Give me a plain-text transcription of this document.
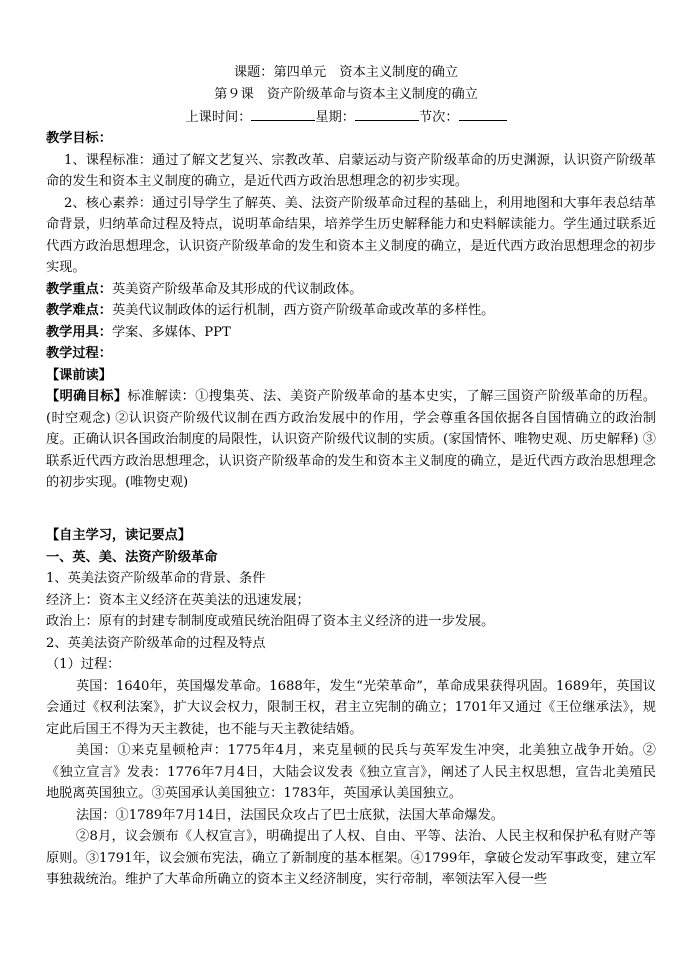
课题：第四单元　资本主义制度的确立
第９课　资产阶级革命与资本主义制度的确立
上课时间：	星期：	节次：

教学目标：

1、课程标准：通过了解文艺复兴、宗教改革、启蒙运动与资产阶级革命的历史渊源，认识资产阶级革命的发生和资本主义制度的确立，是近代西方政治思想理念的初步实现。

2、核心素养：通过引导学生了解英、美、法资产阶级革命过程的基础上，利用地图和大事年表总结革命背景，归纳革命过程及特点，说明革命结果，培养学生历史解释能力和史料解读能力。学生通过联系近代西方政治思想理念，认识资产阶级革命的发生和资本主义制度的确立，是近代西方政治思想理念的初步实现。

教学重点：英美资产阶级革命及其形成的代议制政体。

教学难点：英美代议制政体的运行机制，西方资产阶级革命或改革的多样性。

教学用具：学案、多媒体、PPT

教学过程：

【课前读】

【明确目标】标准解读：①搜集英、法、美资产阶级革命的基本史实，了解三国资产阶级革命的历程。(时空观念) ②认识资产阶级代议制在西方政治发展中的作用，学会尊重各国依据各自国情确立的政治制度。正确认识各国政治制度的局限性，认识资产阶级代议制的实质。(家国情怀、唯物史观、历史解释) ③联系近代西方政治思想理念，认识资产阶级革命的发生和资本主义制度的确立，是近代西方政治思想理念的初步实现。(唯物史观)

【自主学习，读记要点】

一、英、美、法资产阶级革命

1、英美法资产阶级革命的背景、条件

经济上：资本主义经济在英美法的迅速发展；

政治上：原有的封建专制制度或殖民统治阻碍了资本主义经济的进一步发展。

2、英美法资产阶级革命的过程及特点

（1）过程：

英国：1640年，英国爆发革命。1688年，发生“光荣革命”，革命成果获得巩固。1689年，英国议会通过《权利法案》，扩大议会权力，限制王权，君主立宪制的确立；1701年又通过《王位继承法》，规定此后国王不得为天主教徒，也不能与天主教徒结婚。

美国：①来克星顿枪声：1775年4月，来克星顿的民兵与英军发生冲突，北美独立战争开始。②《独立宣言》发表：1776年7月4日，大陆会议发表《独立宣言》，阐述了人民主权思想，宣告北美殖民地脱离英国独立。③英国承认美国独立：1783年，英国承认美国独立。

法国：①1789年7月14日，法国民众攻占了巴士底狱，法国大革命爆发。

②8月，议会颁布《人权宣言》，明确提出了人权、自由、平等、法治、人民主权和保护私有财产等原则。③1791年，议会颁布宪法，确立了新制度的基本框架。④1799年，拿破仑发动军事政变，建立军事独裁统治。维护了大革命所确立的资本主义经济制度，实行帝制，率领法军入侵一些
